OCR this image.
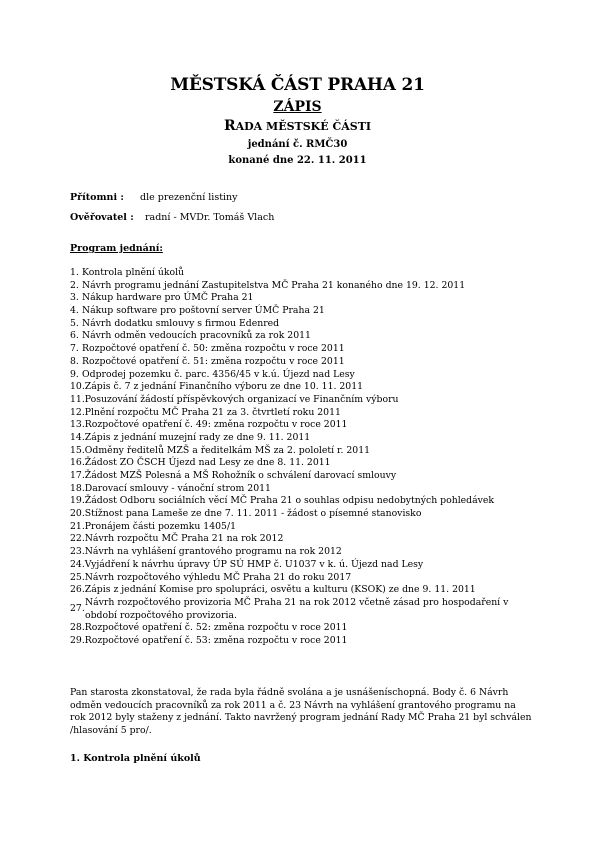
MĚSTSKÁ ČÁST PRAHA 21
ZÁPIS
RADA MĚSTSKÉ ČÁSTI
jednání č. RMČ30
konané dne 22. 11. 2011
Přítomni : dle prezenční listiny
Ověřovatel : radní - MVDr. Tomáš Vlach
Program jednání:
1. Kontrola plnění úkolů
2. Návrh programu jednání Zastupitelstva MČ Praha 21 konaného dne 19. 12. 2011
3. Nákup hardware pro ÚMČ Praha 21
4. Nákup software pro poštovní server ÚMČ Praha 21
5. Návrh dodatku smlouvy s firmou Edenred
6. Návrh odměn vedoucích pracovníků za rok 2011
7. Rozpočtové opatření č. 50: změna rozpočtu v roce 2011
8. Rozpočtové opatření č. 51: změna rozpočtu v roce 2011
9. Odprodej pozemku č. parc. 4356/45 v k.ú. Újezd nad Lesy
10.Zápis č. 7 z jednání Finančního výboru ze dne 10. 11. 2011
11.Posuzování žádostí příspěvkových organizací ve Finančním výboru
12.Plnění rozpočtu MČ Praha 21 za 3. čtvrtletí roku 2011
13.Rozpočtové opatření č. 49: změna rozpočtu v roce 2011
14.Zápis z jednání muzejní rady ze dne 9. 11. 2011
15.Odměny ředitelů MZŠ a ředitelkám MŠ za 2. pololetí r. 2011
16.Žádost ZO ČSCH Újezd nad Lesy ze dne 8. 11. 2011
17.Žádost MZŠ Polesná a MŠ Rohožník o schválení darovací smlouvy
18.Darovací smlouvy - vánoční strom 2011
19.Žádost Odboru sociálních věcí MČ Praha 21 o souhlas odpisu nedobytných pohledávek
20.Stížnost pana Lameše ze dne 7. 11. 2011 - žádost o písemné stanovisko
21.Pronájem části pozemku 1405/1
22.Návrh rozpočtu MČ Praha 21 na rok 2012
23.Návrh na vyhlášení grantového programu na rok 2012
24.Vyjádření k návrhu úpravy ÚP SÚ HMP č. U1037 v k. ú. Újezd nad Lesy
25.Návrh rozpočtového výhledu MČ Praha 21 do roku 2017
26.Zápis z jednání Komise pro spolupráci, osvětu a kulturu (KSOK) ze dne 9. 11. 2011
27.
Návrh rozpočtového provizoria MČ Praha 21 na rok 2012 včetně zásad pro hospodaření v období rozpočtového provizoria.
28.Rozpočtové opatření č. 52: změna rozpočtu v roce 2011
29.Rozpočtové opatření č. 53: změna rozpočtu v roce 2011
Pan starosta zkonstatoval, že rada byla řádně svolána a je usnášeníschopná. Body č. 6 Návrh odměn vedoucích pracovníků za rok 2011 a č. 23 Návrh na vyhlášení grantového programu na rok 2012 byly staženy z jednání. Takto navržený program jednání Rady MČ Praha 21 byl schválen /hlasování 5 pro/.
1. Kontrola plnění úkolů
